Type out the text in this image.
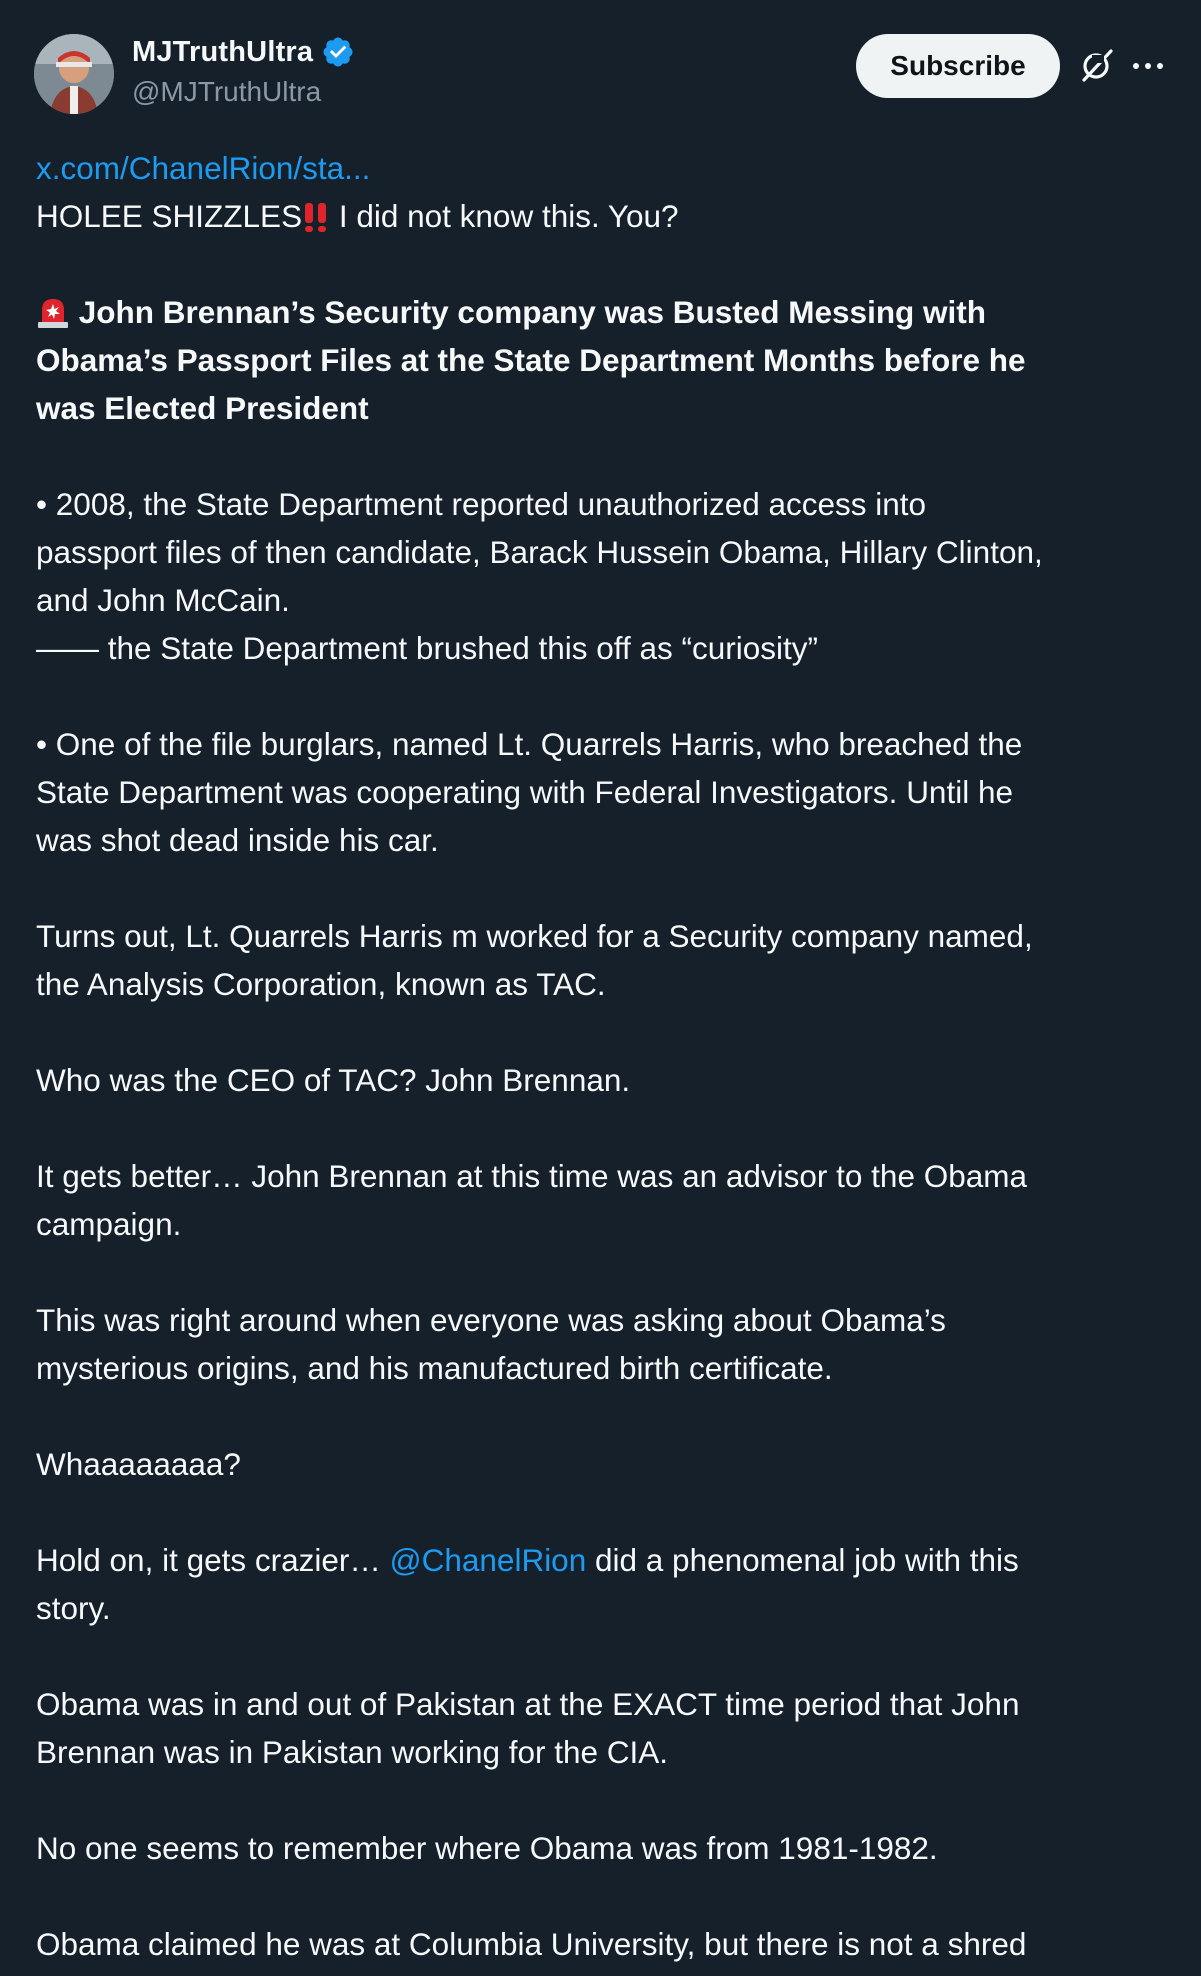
MJTruthUltra
@MJTruthUltra
Subscribe

x.com/ChanelRion/sta...

HOLEE SHIZZLES I did not know this. You?

John Brennan’s Security company was Busted Messing with

Obama’s Passport Files at the State Department Months before he

was Elected President

• 2008, the State Department reported unauthorized access into

passport files of then candidate, Barack Hussein Obama, Hillary Clinton,

and John McCain.

—— the State Department brushed this off as “curiosity”

• One of the file burglars, named Lt. Quarrels Harris, who breached the

State Department was cooperating with Federal Investigators. Until he

was shot dead inside his car.

Turns out, Lt. Quarrels Harris m worked for a Security company named,

the Analysis Corporation, known as TAC.

Who was the CEO of TAC? John Brennan.

It gets better… John Brennan at this time was an advisor to the Obama

campaign.

This was right around when everyone was asking about Obama’s

mysterious origins, and his manufactured birth certificate.

Whaaaaaaaa?

Hold on, it gets crazier… @ChanelRion did a phenomenal job with this

story.

Obama was in and out of Pakistan at the EXACT time period that John

Brennan was in Pakistan working for the CIA.

No one seems to remember where Obama was from 1981-1982.

Obama claimed he was at Columbia University, but there is not a shred
